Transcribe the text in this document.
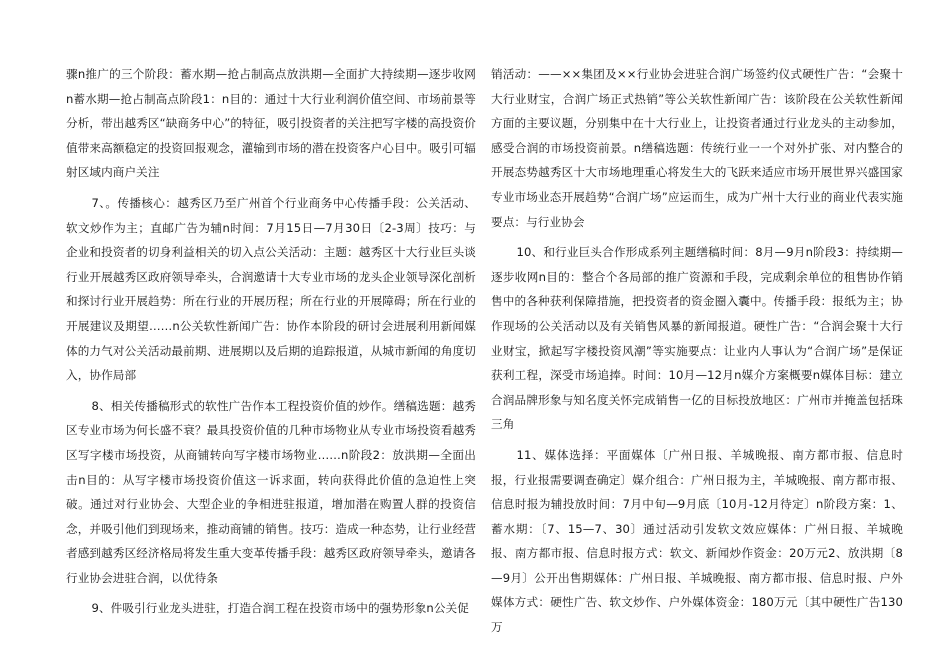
骤n推广的三个阶段：蓄水期—抢占制高点放洪期—全面扩大持续期—逐步收网n蓄水期—抢占制高点阶段1：n目的：通过十大行业利润价值空间、市场前景等分析，带出越秀区“缺商务中心”的特征，吸引投资者的关注把写字楼的高投资价值带来高额稳定的投资回报观念，灌输到市场的潜在投资客户心目中。吸引可辐射区域内商户关注

7、。传播核心：越秀区乃至广州首个行业商务中心传播手段：公关活动、软文炒作为主；直邮广告为辅n时间：7月15日—7月30日〔2-3周〕技巧：与企业和投资者的切身利益相关的切入点公关活动：主题：越秀区十大行业巨头谈行业开展越秀区政府领导牵头，合润邀请十大专业市场的龙头企业领导深化剖析和探讨行业开展趋势：所在行业的开展历程；所在行业的开展障碍；所在行业的开展建议及期望……n公关软性新闻广告：协作本阶段的研讨会进展利用新闻媒体的力气对公关活动最前期、进展期以及后期的追踪报道，从城市新闻的角度切入，协作局部

8、相关传播稿形式的软性广告作本工程投资价值的炒作。缮稿选题：越秀区专业市场为何长盛不衰？最具投资价值的几种市场物业从专业市场投资看越秀区写字楼市场投资，从商铺转向写字楼市场物业……n阶段2：放洪期—全面出击n目的：从写字楼市场投资价值这一诉求面，转向获得此价值的急迫性上突破。通过对行业协会、大型企业的争相进驻报道，增加潜在购置人群的投资信念，并吸引他们到现场来，推动商铺的销售。技巧：造成一种态势，让行业经营者感到越秀区经济格局将发生重大变革传播手段：越秀区政府领导牵头，邀请各行业协会进驻合润，以优待条

9、件吸引行业龙头进驻，打造合润工程在投资市场中的强势形象n公关促

销活动：——××集团及××行业协会进驻合润广场签约仪式硬性广告：“会聚十大行业财宝，合润广场正式热销”等公关软性新闻广告：该阶段在公关软性新闻方面的主要议题，分别集中在十大行业上，让投资者通过行业龙头的主动参加，感受合润的市场投资前景。n缮稿选题：传统行业一一个对外扩张、对内整合的开展态势越秀区十大市场地理重心将发生大的飞跃来适应市场开展世界兴盛国家专业市场业态开展趋势“合润广场”应运而生，成为广州十大行业的商业代表实施要点：与行业协会

10、和行业巨头合作形成系列主题缮稿时间：8月—9月n阶段3：持续期—逐步收网n目的：整合个各局部的推广资源和手段，完成剩余单位的租售协作销售中的各种获利保障措施，把投资者的资金圈入囊中。传播手段：报纸为主；协作现场的公关活动以及有关销售风暴的新闻报道。硬性广告：“合润会聚十大行业财宝，掀起写字楼投资风潮”等实施要点：让业内人事认为“合润广场”是保证获利工程，深受市场追捧。时间：10月—12月n媒介方案概要n媒体目标：建立合润品牌形象与知名度关怀完成销售一亿的目标投放地区：广州市并掩盖包括珠三角

11、媒体选择：平面媒体〔广州日报、羊城晚报、南方都市报、信息时报，行业报需要调查确定〕媒介组合：广州日报为主，羊城晚报、南方都市报、信息时报为辅投放时间：7月中旬—9月底〔10月-12月待定〕n阶段方案：1、蓄水期：〔7、15—7、30〕通过活动引发软文效应媒体：广州日报、羊城晚报、南方都市报、信息时报方式：软文、新闻炒作资金：20万元2、放洪期〔8—9月〕公开出售期媒体：广州日报、羊城晚报、南方都市报、信息时报、户外媒体方式：硬性广告、软文炒作、户外媒体资金：180万元〔其中硬性广告130万
